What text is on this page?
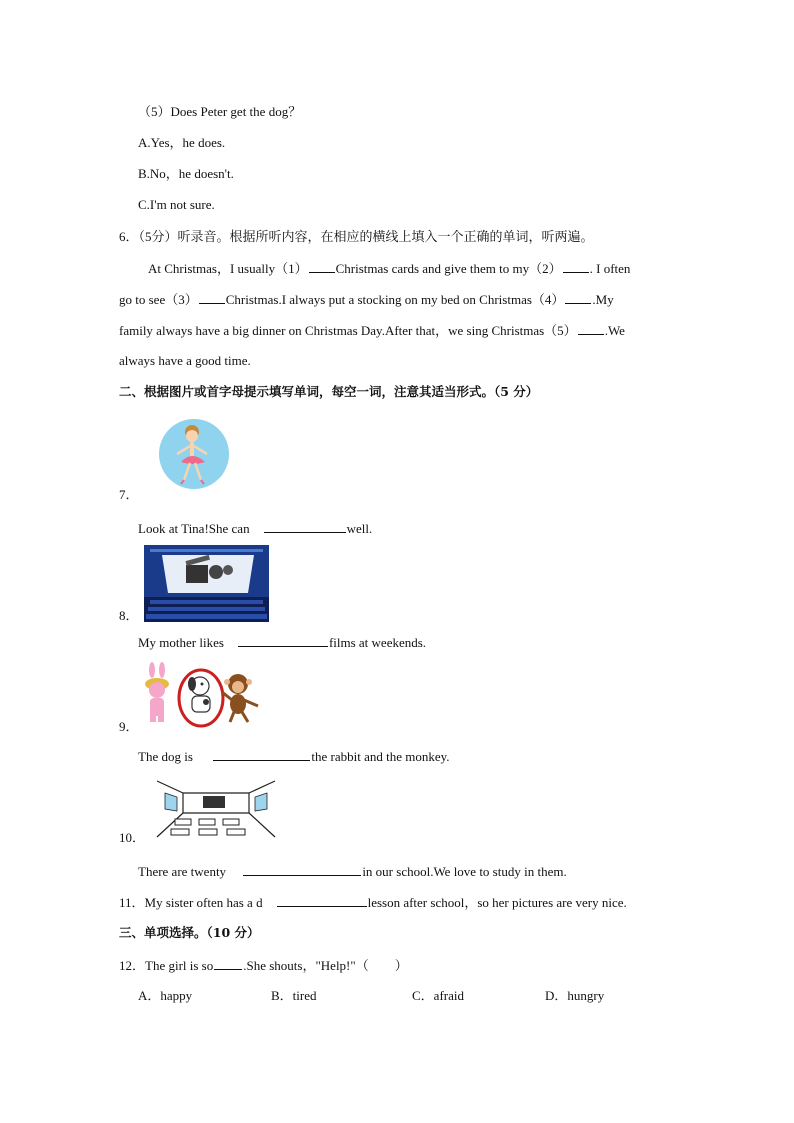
（5）Does Peter get the dog？
A.Yes，he does.
B.No，he doesn't.
C.I'm not sure.
6．（5分）听录音。根据所听内容，在相应的横线上填入一个正确的单词，听两遍。
At Christmas，I usually（1） Christmas cards and give them to my（2） . I often
go to see（3） Christmas.I always put a stocking on my bed on Christmas（4） .My
family always have a big dinner on Christmas Day.After that，we sing Christmas（5） .We
always have a good time.
二、根据图片或首字母提示填写单词，每空一词，注意其适当形式。（5 分）
7．
Look at Tina!She can	well.
8．
My mother likes	films at weekends.
9．
The dog is	the rabbit and the monkey.
10．
There are twenty	in our school.We love to study in them.
11．My sister often has a d	lesson after school，so her pictures are very nice.
三、单项选择。（10 分）
12．The girl is so .She shouts，"Help!"（　　）
A．happy	B．tired	C．afraid	D．hungry
